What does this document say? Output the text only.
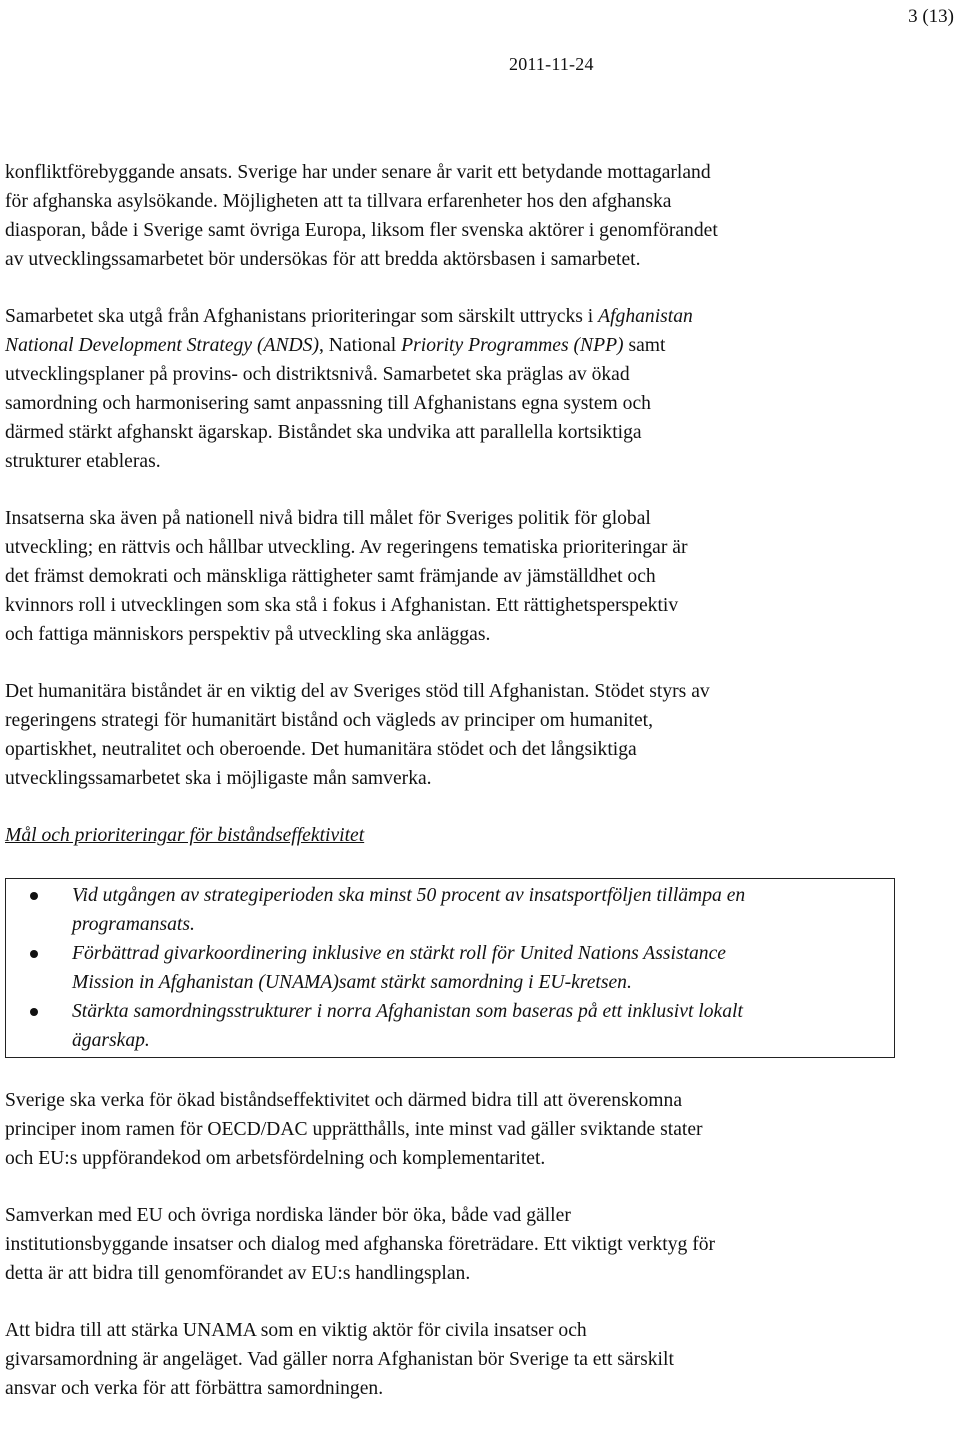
3 (13)
2011-11-24

konfliktförebyggande ansats. Sverige har under senare år varit ett betydande mottagarland
för afghanska asylsökande. Möjligheten att ta tillvara erfarenheter hos den afghanska
diasporan, både i Sverige samt övriga Europa, liksom fler svenska aktörer i genomförandet
av utvecklingssamarbetet bör undersökas för att bredda aktörsbasen i samarbetet.

Samarbetet ska utgå från Afghanistans prioriteringar som särskilt uttrycks i Afghanistan
National Development Strategy (ANDS), National Priority Programmes (NPP) samt
utvecklingsplaner på provins- och distriktsnivå. Samarbetet ska präglas av ökad
samordning och harmonisering samt anpassning till Afghanistans egna system och
därmed stärkt afghanskt ägarskap. Biståndet ska undvika att parallella kortsiktiga
strukturer etableras.

Insatserna ska även på nationell nivå bidra till målet för Sveriges politik för global
utveckling; en rättvis och hållbar utveckling. Av regeringens tematiska prioriteringar är
det främst demokrati och mänskliga rättigheter samt främjande av jämställdhet och
kvinnors roll i utvecklingen som ska stå i fokus i Afghanistan. Ett rättighetsperspektiv
och fattiga människors perspektiv på utveckling ska anläggas.

Det humanitära biståndet är en viktig del av Sveriges stöd till Afghanistan. Stödet styrs av
regeringens strategi för humanitärt bistånd och vägleds av principer om humanitet,
opartiskhet, neutralitet och oberoende. Det humanitära stödet och det långsiktiga
utvecklingssamarbetet ska i möjligaste mån samverka.

Mål och prioriteringar för biståndseffektivitet
Vid utgången av strategiperioden ska minst 50 procent av insatsportföljen tillämpa en
programansats.
Förbättrad givarkoordinering inklusive en stärkt roll för United Nations Assistance
Mission in Afghanistan (UNAMA)samt stärkt samordning i EU-kretsen.
Stärkta samordningsstrukturer i norra Afghanistan som baseras på ett inklusivt lokalt
ägarskap.

Sverige ska verka för ökad biståndseffektivitet och därmed bidra till att överenskomna
principer inom ramen för OECD/DAC upprätthålls, inte minst vad gäller sviktande stater
och EU:s uppförandekod om arbetsfördelning och komplementaritet.

Samverkan med EU och övriga nordiska länder bör öka, både vad gäller
institutionsbyggande insatser och dialog med afghanska företrädare. Ett viktigt verktyg för
detta är att bidra till genomförandet av EU:s handlingsplan.

Att bidra till att stärka UNAMA som en viktig aktör för civila insatser och
givarsamordning är angeläget. Vad gäller norra Afghanistan bör Sverige ta ett särskilt
ansvar och verka för att förbättra samordningen.
